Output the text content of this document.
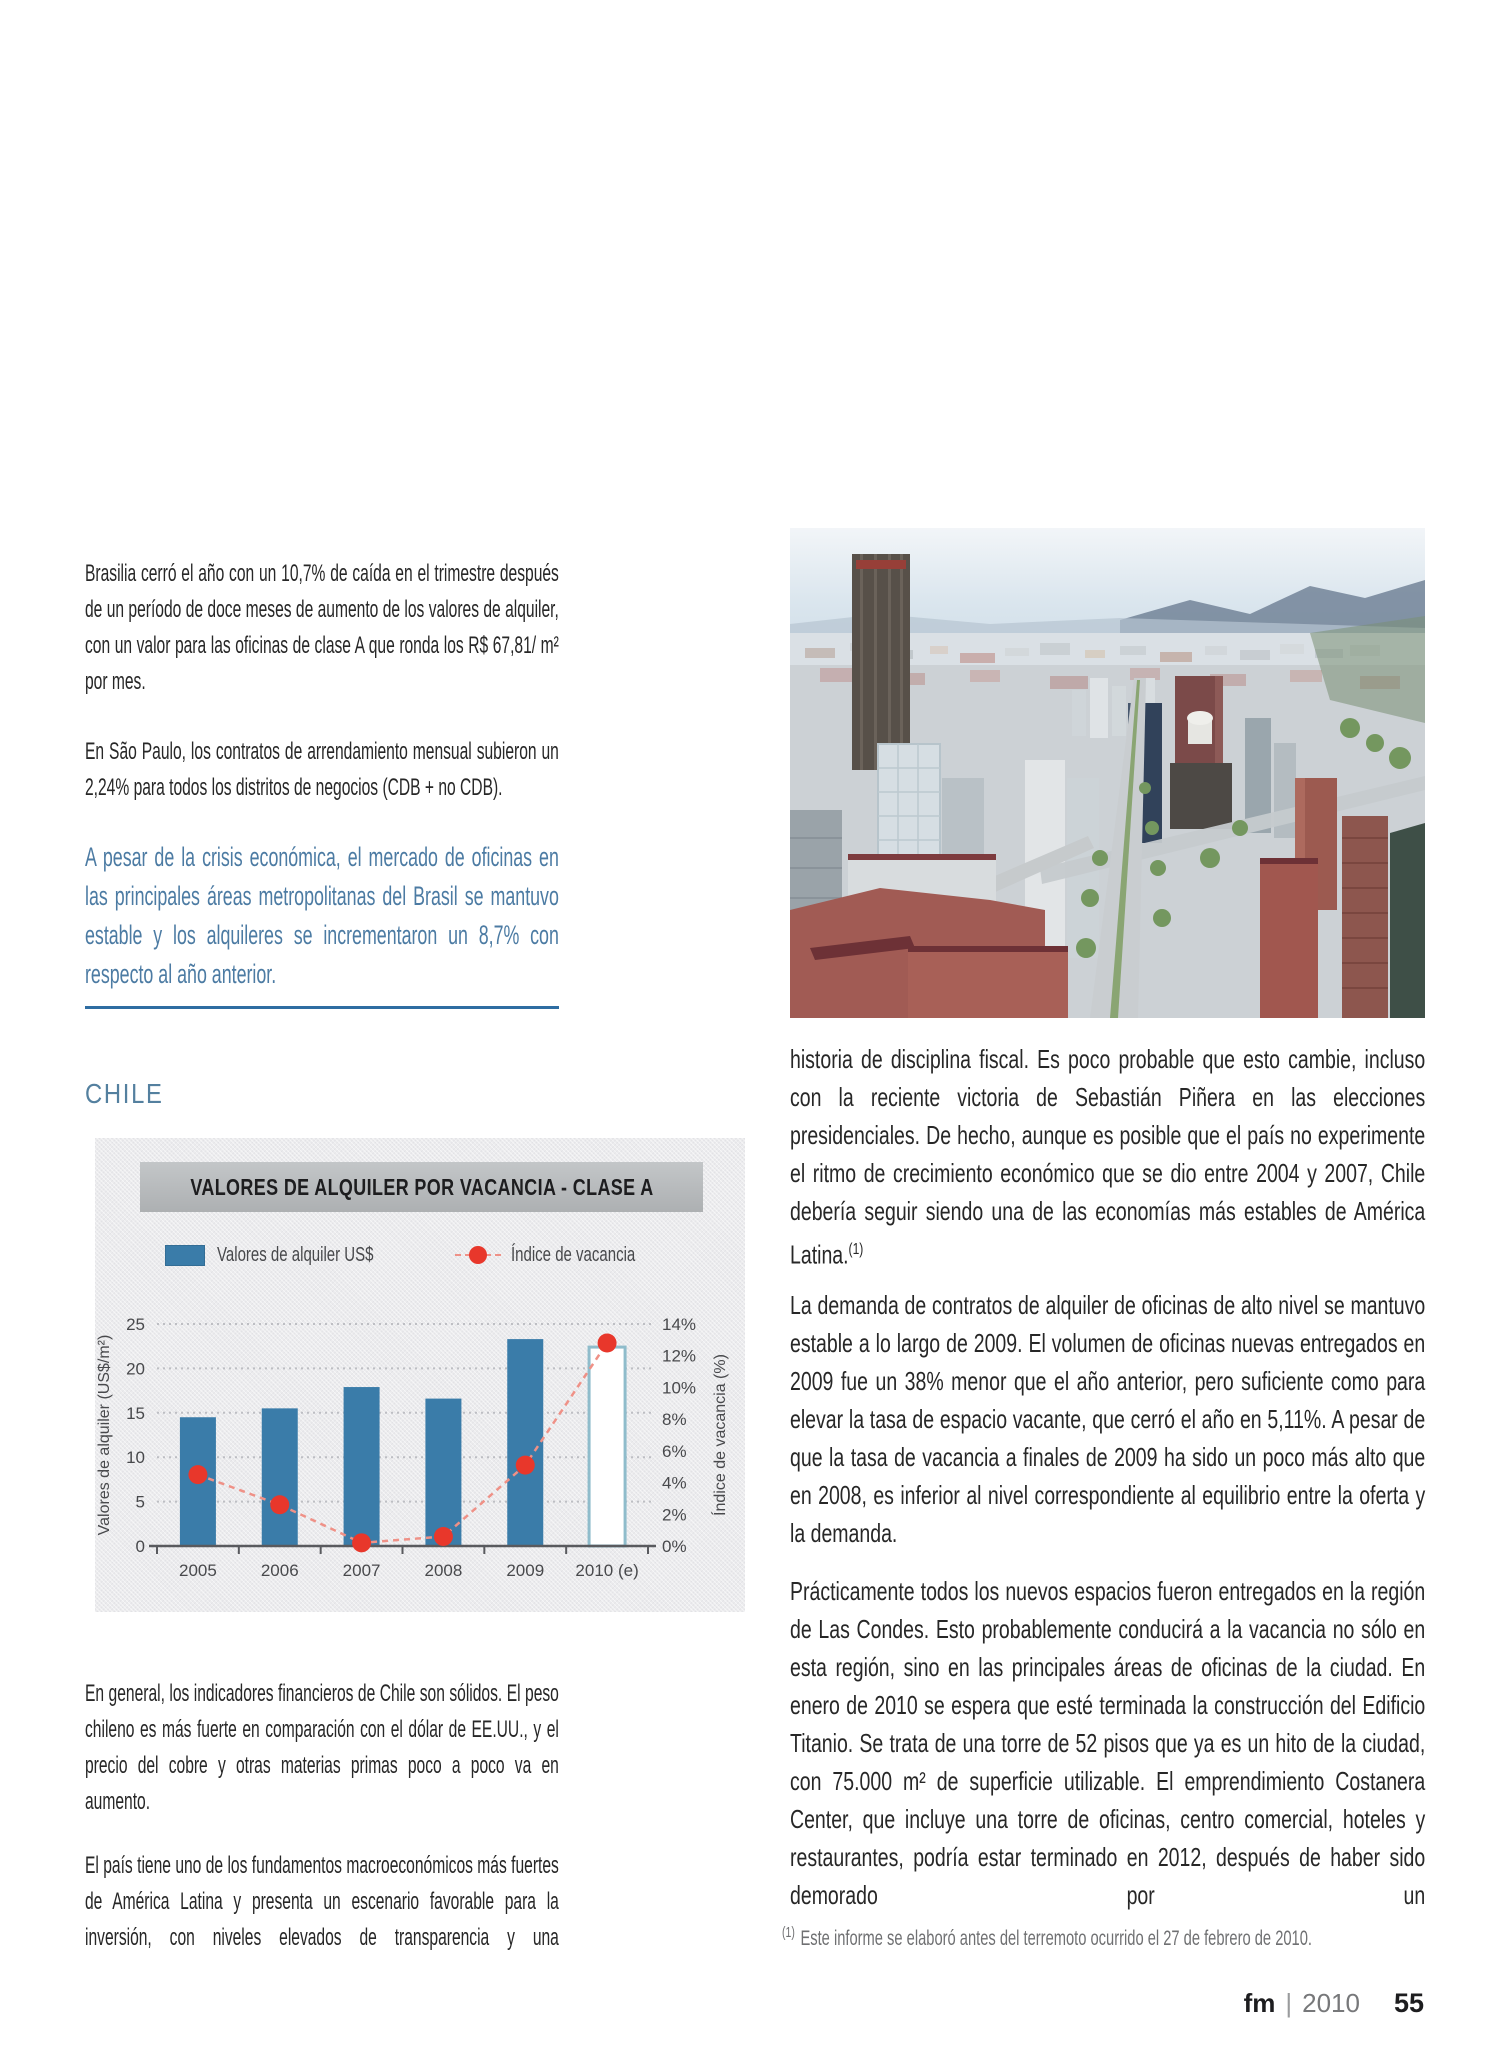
Brasilia cerró el año con un 10,7% de caída en el trimestre después de un período de doce meses de aumento de los valores de alquiler, con un valor para las oficinas de clase A que ronda los R$ 67,81/ m² por mes.

En São Paulo, los contratos de arrendamiento mensual subieron un 2,24% para todos los distritos de negocios (CDB + no CDB).

A pesar de la crisis económica, el mercado de oficinas en las principales áreas metropolitanas del Brasil se mantuvo estable y los alquileres se incrementaron un 8,7% con respecto al año anterior.

CHILE
VALORES DE ALQUILER POR VACANCIA - CLASE A
Valores de alquiler US$	Índice de vacancia
25
20
15
10
5
0
14%
12%
10%
8%
6%
4%
2%
0%
2005	2006	2007	2008	2009 2010 (e)
Valores de alquiler (US$/m²)	Índice de vacancia (%)

En general, los indicadores financieros de Chile son sólidos. El peso chileno es más fuerte en comparación con el dólar de EE.UU., y el precio del cobre y otras materias primas poco a poco va en aumento.

El país tiene uno de los fundamentos macroeconómicos más fuertes de América Latina y presenta un escenario favorable para la inversión, con niveles elevados de transparencia y una

historia de disciplina fiscal. Es poco probable que esto cambie, incluso con la reciente victoria de Sebastián Piñera en las elecciones presidenciales. De hecho, aunque es posible que el país no experimente el ritmo de crecimiento económico que se dio entre 2004 y 2007, Chile debería seguir siendo una de las economías más estables de América Latina.$^{(1)}$

La demanda de contratos de alquiler de oficinas de alto nivel se mantuvo estable a lo largo de 2009. El volumen de oficinas nuevas entregados en 2009 fue un 38% menor que el año anterior, pero suficiente como para elevar la tasa de espacio vacante, que cerró el año en 5,11%. A pesar de que la tasa de vacancia a finales de 2009 ha sido un poco más alto que en 2008, es inferior al nivel correspondiente al equilibrio entre la oferta y la demanda.

Prácticamente todos los nuevos espacios fueron entregados en la región de Las Condes. Esto probablemente conducirá a la vacancia no sólo en esta región, sino en las principales áreas de oficinas de la ciudad. En enero de 2010 se espera que esté terminada la construcción del Edificio Titanio. Se trata de una torre de 52 pisos que ya es un hito de la ciudad, con 75.000 m² de superficie utilizable. El emprendimiento Costanera Center, que incluye una torre de oficinas, centro comercial, hoteles y restaurantes, podría estar terminado en 2012, después de haber sido demorado por un

$^{(1)}$ Este informe se elaboró antes del terremoto ocurrido el 27 de febrero de 2010.

fm | 2010 55
